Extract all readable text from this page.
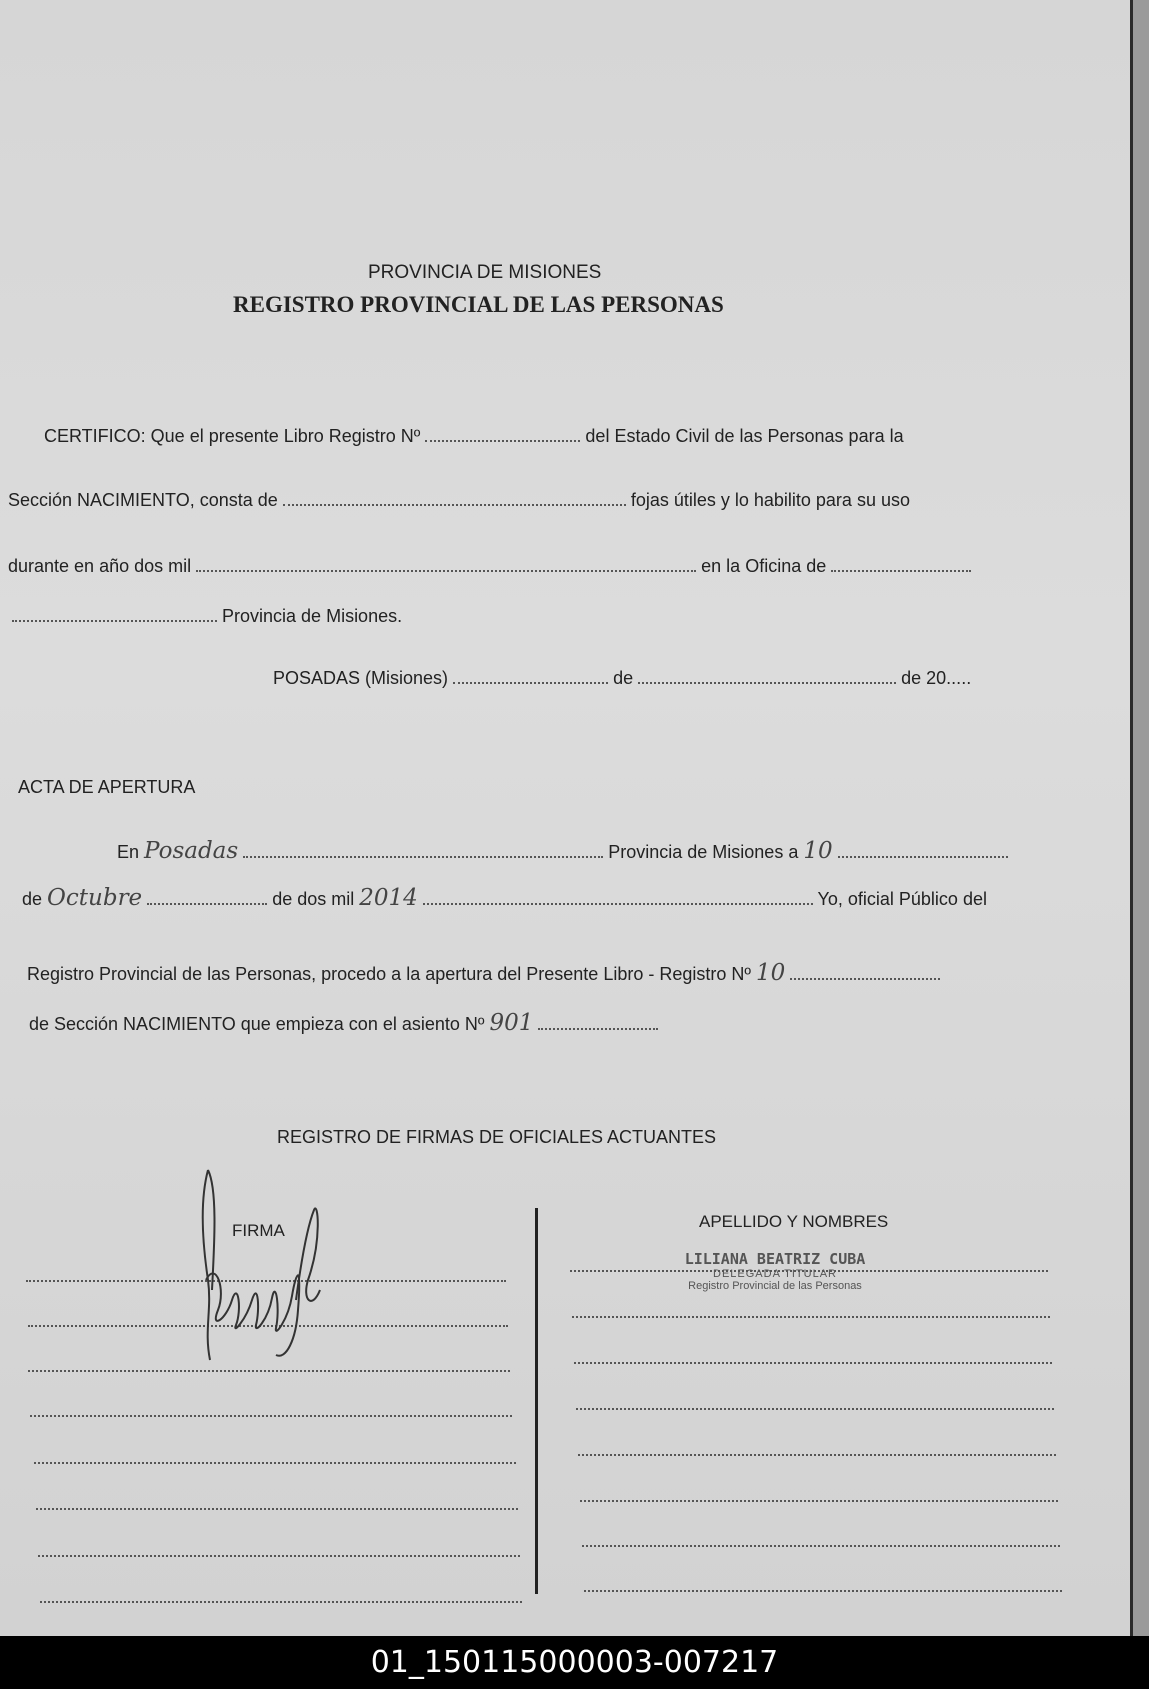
PROVINCIA DE MISIONES
REGISTRO PROVINCIAL DE LAS PERSONAS
CERTIFICO: Que el presente Libro Registro Nº	del Estado Civil de las Personas para la
Sección NACIMIENTO, consta de	fojas útiles y lo habilito para su uso
durante en año dos mil	en la Oficina de
Provincia de Misiones.
POSADAS (Misiones)	de	de 20.....
ACTA DE APERTURA
En Posadas	Provincia de Misiones a 10
de Octubre	de dos mil 2014	Yo, oficial Público del
Registro Provincial de las Personas, procedo a la apertura del Presente Libro - Registro Nº 10
de Sección NACIMIENTO que empieza con el asiento Nº 901
REGISTRO DE FIRMAS DE OFICIALES ACTUANTES
FIRMA	APELLIDO Y NOMBRES
LILIANA BEATRIZ CUBA
DELEGADA TITULAR
Registro Provincial de las Personas
01_150115000003-007217
